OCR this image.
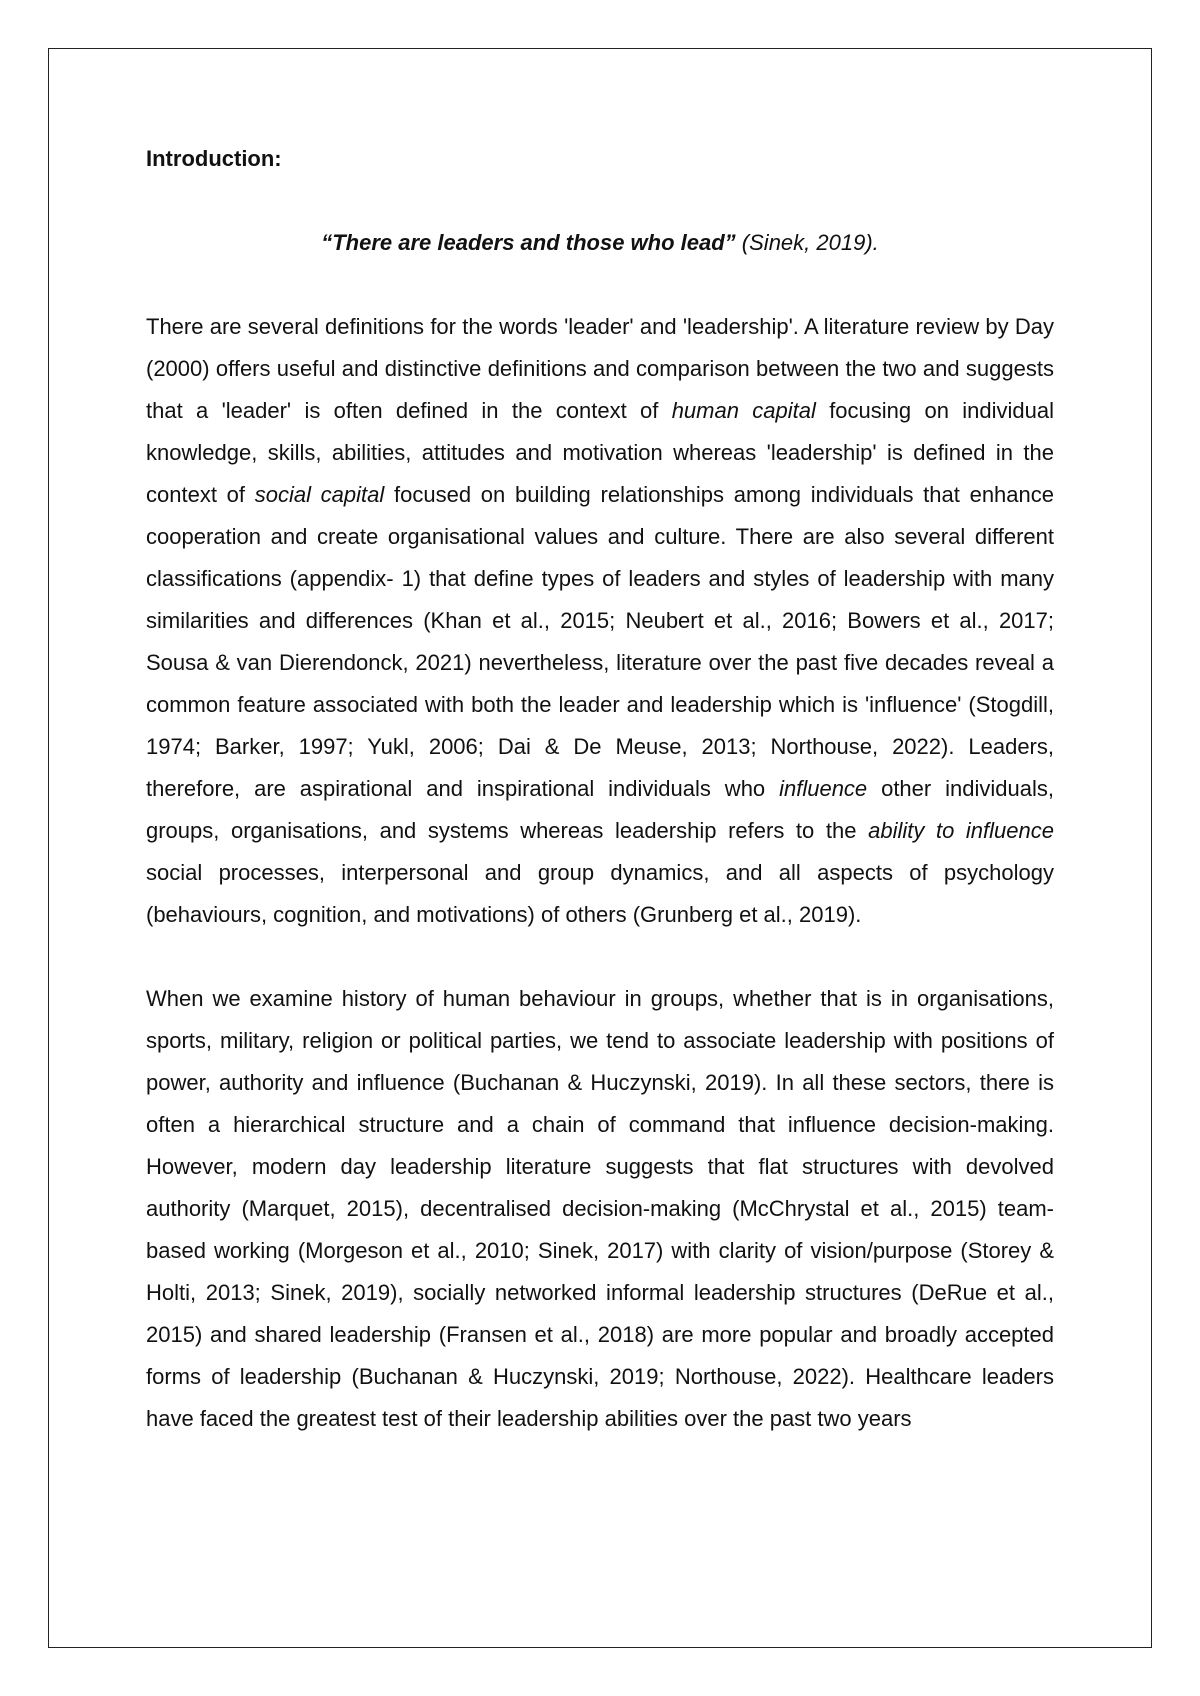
Introduction:

“There are leaders and those who lead” (Sinek, 2019).

There are several definitions for the words 'leader' and 'leadership'. A literature review by Day (2000) offers useful and distinctive definitions and comparison between the two and suggests that a 'leader' is often defined in the context of human capital focusing on individual knowledge, skills, abilities, attitudes and motivation whereas 'leadership' is defined in the context of social capital focused on building relationships among individuals that enhance cooperation and create organisational values and culture. There are also several different classifications (appendix- 1) that define types of leaders and styles of leadership with many similarities and differences (Khan et al., 2015; Neubert et al., 2016; Bowers et al., 2017; Sousa & van Dierendonck, 2021) nevertheless, literature over the past five decades reveal a common feature associated with both the leader and leadership which is 'influence' (Stogdill, 1974; Barker, 1997; Yukl, 2006; Dai & De Meuse, 2013; Northouse, 2022). Leaders, therefore, are aspirational and inspirational individuals who influence other individuals, groups, organisations, and systems whereas leadership refers to the ability to influence social processes, interpersonal and group dynamics, and all aspects of psychology (behaviours, cognition, and motivations) of others (Grunberg et al., 2019).

When we examine history of human behaviour in groups, whether that is in organisations, sports, military, religion or political parties, we tend to associate leadership with positions of power, authority and influence (Buchanan & Huczynski, 2019). In all these sectors, there is often a hierarchical structure and a chain of command that influence decision-making. However, modern day leadership literature suggests that flat structures with devolved authority (Marquet, 2015), decentralised decision-making (McChrystal et al., 2015) team-based working (Morgeson et al., 2010; Sinek, 2017) with clarity of vision/purpose (Storey & Holti, 2013; Sinek, 2019), socially networked informal leadership structures (DeRue et al., 2015) and shared leadership (Fransen et al., 2018) are more popular and broadly accepted forms of leadership (Buchanan & Huczynski, 2019; Northouse, 2022). Healthcare leaders have faced the greatest test of their leadership abilities over the past two years
